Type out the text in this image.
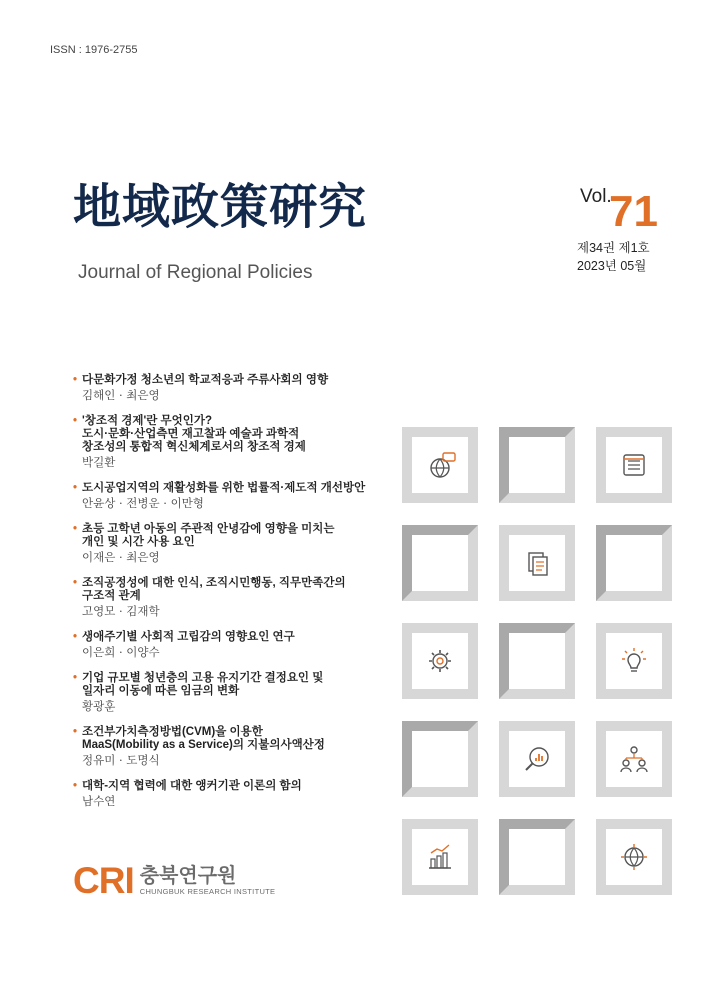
ISSN : 1976-2755
地域政策硏究
Journal of Regional Policies
Vol.
71
제34권 제1호
2023년 05월
• 다문화가정 청소년의 학교적응과 주류사회의 영향
김해인 · 최은영
• '창조적 경제'란 무엇인가?
도시·문화·산업측면 재고찰과 예술과 과학적
창조성의 통합적 혁신체계로서의 창조적 경제
박길환
• 도시공업지역의 재활성화를 위한 법률적·제도적 개선방안
안윤상 · 전병운 · 이만형
• 초등 고학년 아동의 주관적 안녕감에 영향을 미치는
개인 및 시간 사용 요인
이재은 · 최은영
• 조직공정성에 대한 인식, 조직시민행동, 직무만족간의
구조적 관계
고영모 · 김재학
• 생애주기별 사회적 고립감의 영향요인 연구
이은희 · 이양수
• 기업 규모별 청년층의 고용 유지기간 결정요인 및
일자리 이동에 따른 임금의 변화
황광훈
• 조건부가치측정방법(CVM)을 이용한
MaaS(Mobility as a Service)의 지불의사액산정
정유미 · 도명식
• 대학-지역 협력에 대한 앵커기관 이론의 함의
남수연
CRI 충북연구원
CHUNGBUK RESEARCH INSTITUTE
